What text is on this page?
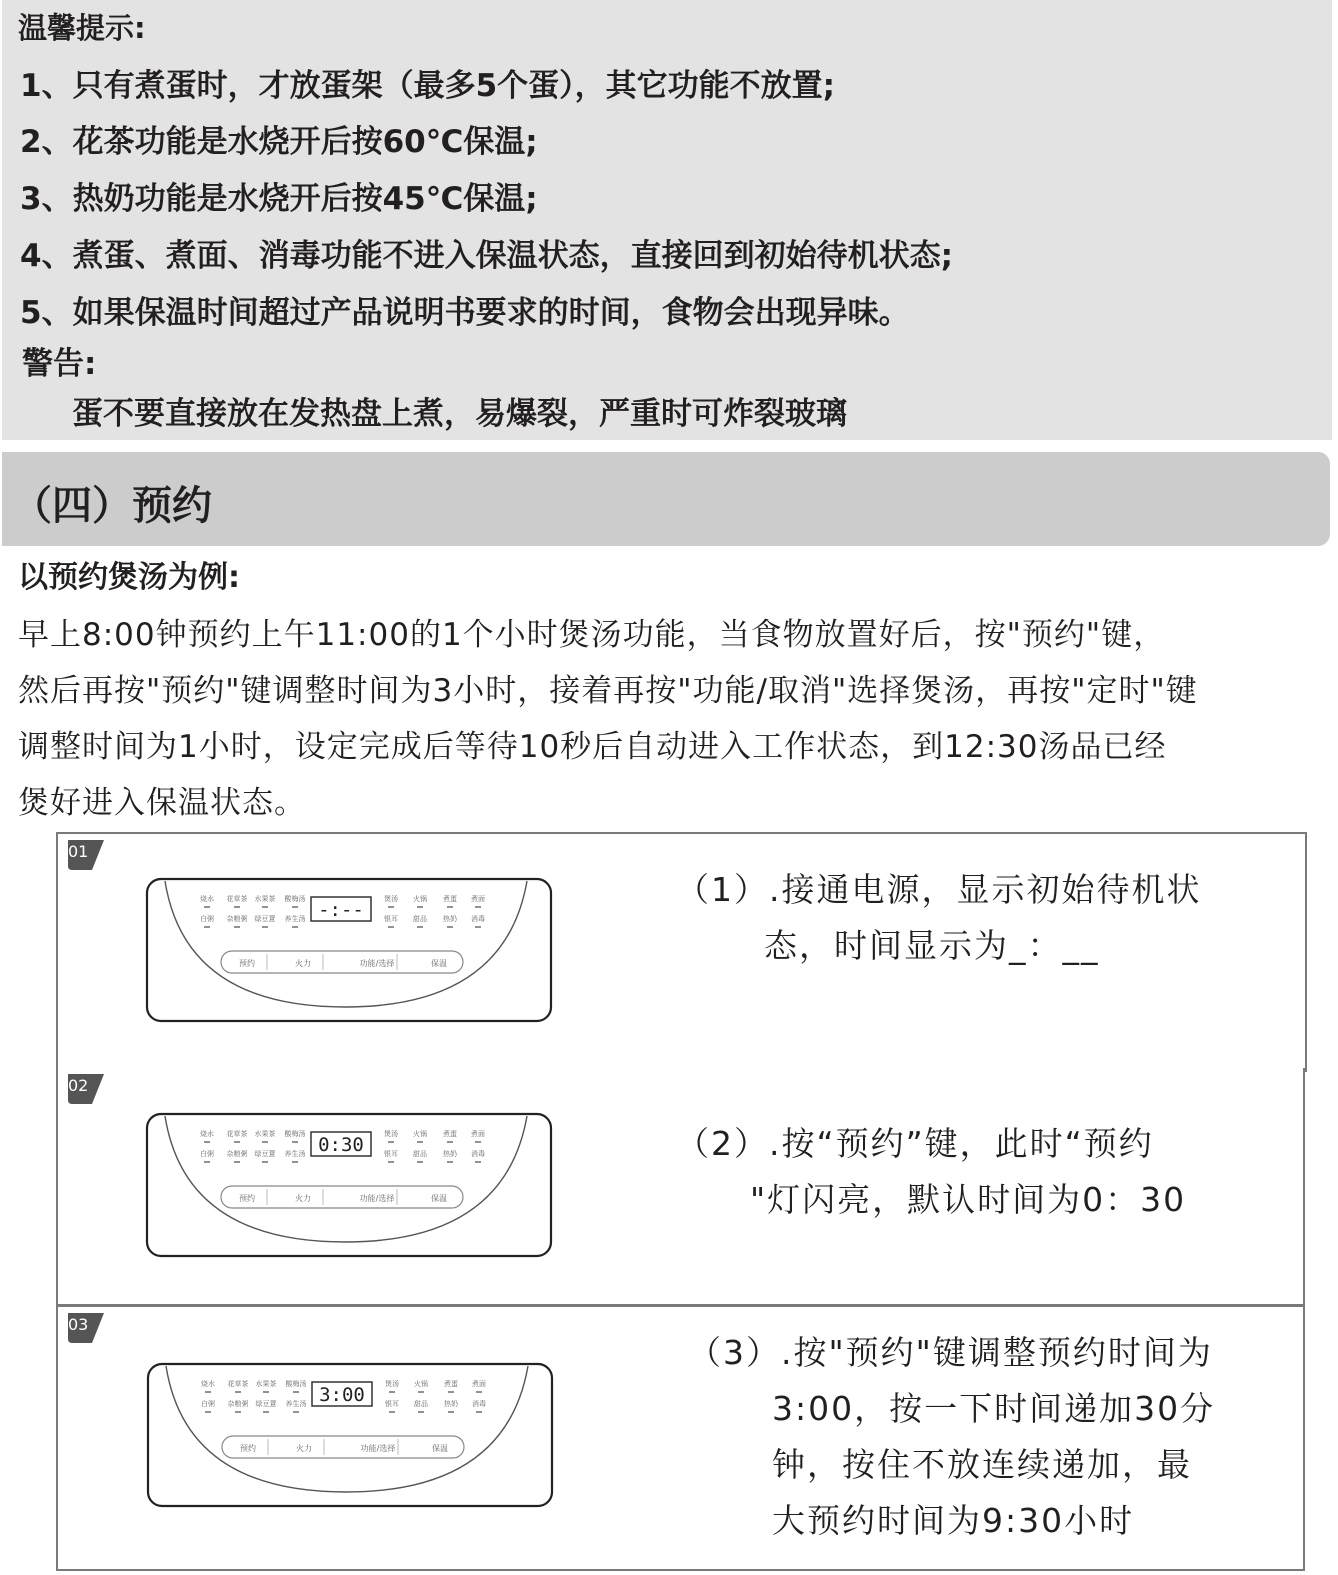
温馨提示:
1、只有煮蛋时，才放蛋架（最多5个蛋），其它功能不放置;
2、花茶功能是水烧开后按60℃保温;
3、热奶功能是水烧开后按45℃保温;
4、煮蛋、煮面、消毒功能不进入保温状态，直接回到初始待机状态;
5、如果保温时间超过产品说明书要求的时间，食物会出现异味。
警告:
蛋不要直接放在发热盘上煮，易爆裂，严重时可炸裂玻璃
（四）预约
以预约煲汤为例:
早上8:00钟预约上午11:00的1个小时煲汤功能，当食物放置好后，按"预约"键，
然后再按"预约"键调整时间为3小时，接着再按"功能/取消"选择煲汤，再按"定时"键
调整时间为1小时，设定完成后等待10秒后自动进入工作状态，到12:30汤品已经
煲好进入保温状态。
01
烧水 花草茶 水果茶 酸梅汤	煲汤 火锅 煮蛋 煮面
白粥 杂粮粥 绿豆薏 养生汤	银耳 甜品 热奶 消毒
-:--
预约	火力	功能/选择	保温
（1）.接通电源，显示初始待机状
态，时间显示为_：__
02
烧水 花草茶 水果茶 酸梅汤	煲汤 火锅 煮蛋 煮面
白粥 杂粮粥 绿豆薏 养生汤	银耳 甜品 热奶 消毒
0:30
预约	火力	功能/选择	保温
（2）.按“预约”键，此时“预约
"灯闪亮，默认时间为0：30
03
烧水 花草茶 水果茶 酸梅汤	煲汤 火锅 煮蛋 煮面
白粥 杂粮粥 绿豆薏 养生汤	银耳 甜品 热奶 消毒
3:00
预约	火力	功能/选择	保温
（3）.按"预约"键调整预约时间为
3:00，按一下时间递加30分
钟，按住不放连续递加，最
大预约时间为9:30小时
